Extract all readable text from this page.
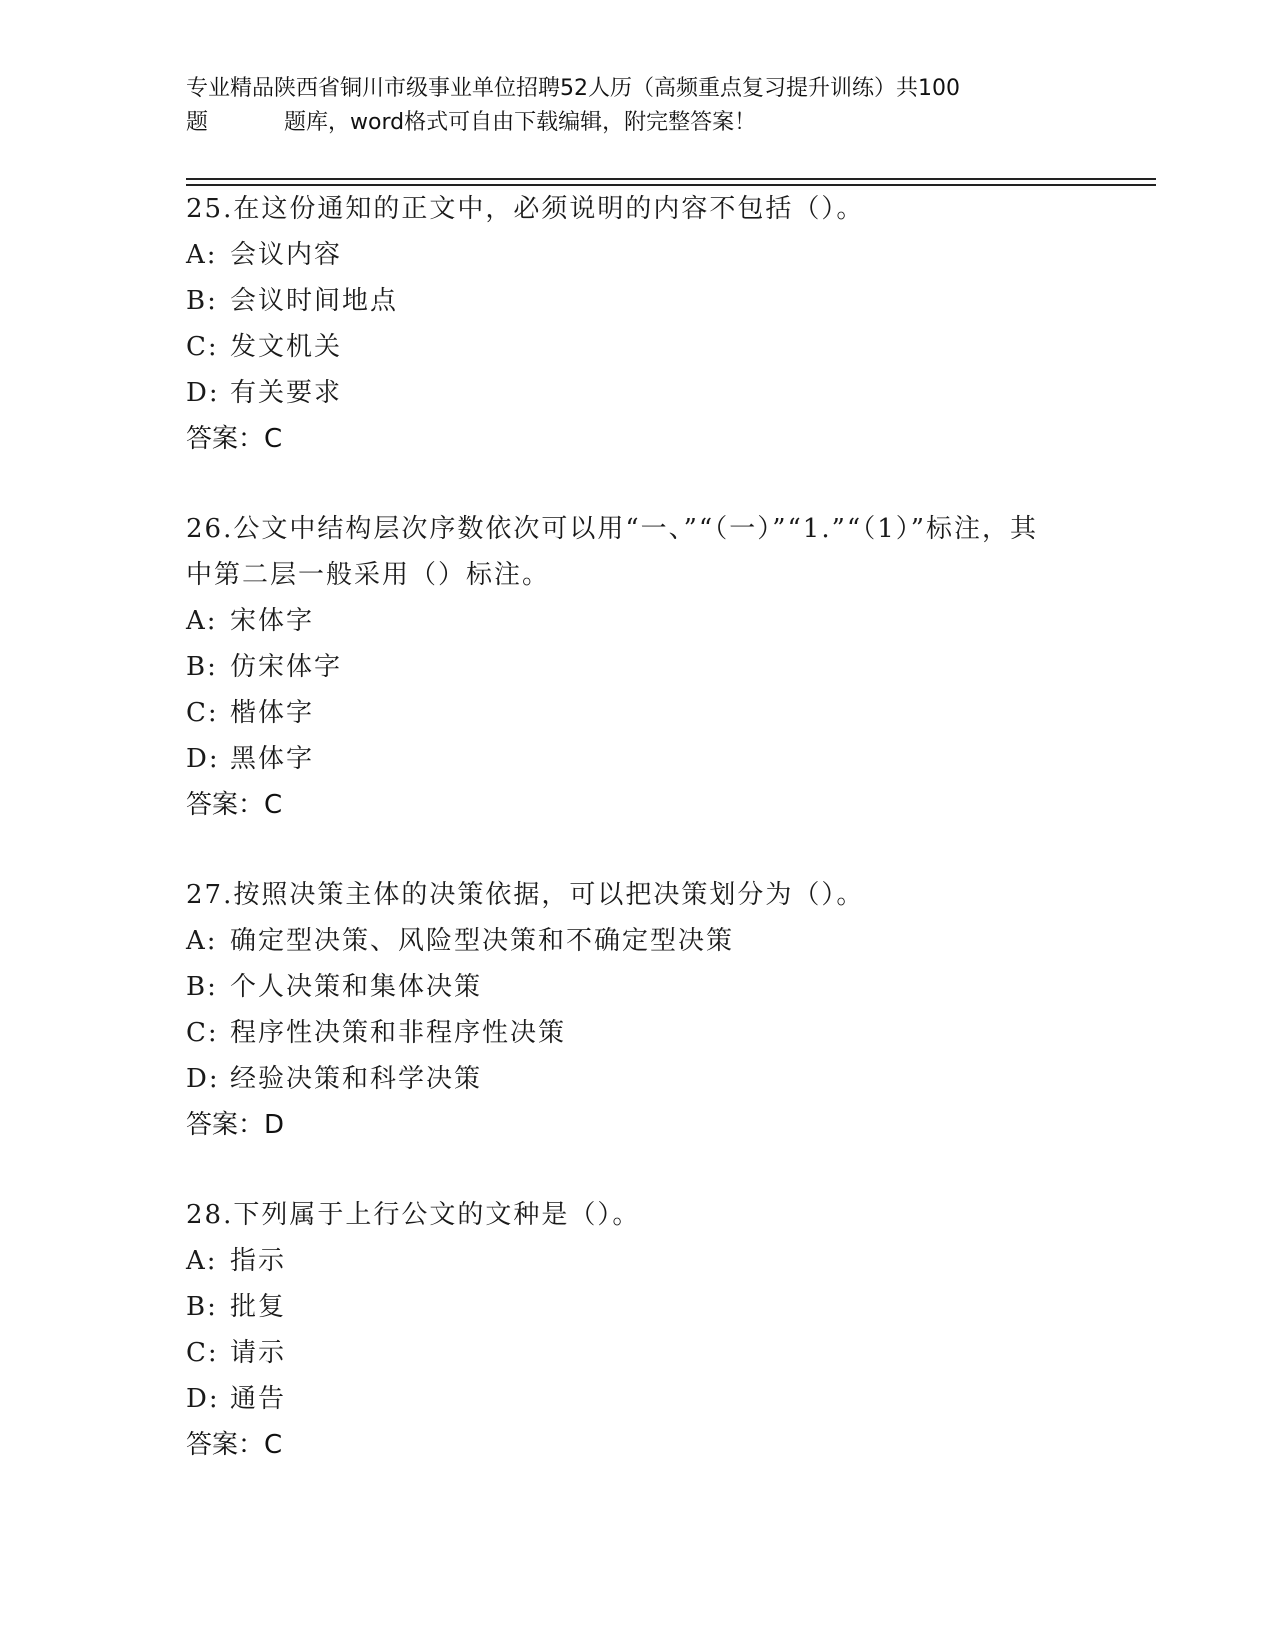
专业精品陕西省铜川市级事业单位招聘52人历（高频重点复习提升训练）共100
题	题库，word格式可自由下载编辑，附完整答案！
25.在这份通知的正文中，必须说明的内容不包括（）。
A: 会议内容
B: 会议时间地点
C: 发文机关
D: 有关要求
答案：C
26.公文中结构层次序数依次可以用“一、”“（一）”“1.”“（1）”标注，其中第二层一般采用（）标注。
A: 宋体字
B: 仿宋体字
C: 楷体字
D: 黑体字
答案：C
27.按照决策主体的决策依据，可以把决策划分为（）。
A: 确定型决策、风险型决策和不确定型决策
B: 个人决策和集体决策
C: 程序性决策和非程序性决策
D: 经验决策和科学决策
答案：D
28.下列属于上行公文的文种是（）。
A: 指示
B: 批复
C: 请示
D: 通告
答案：C
